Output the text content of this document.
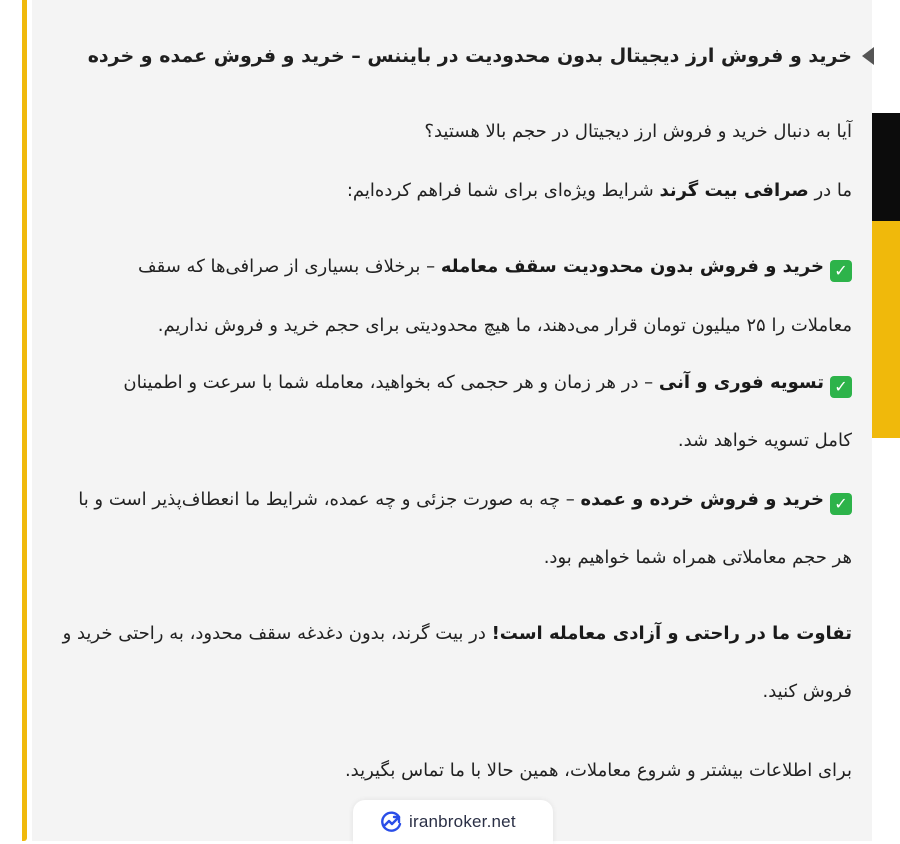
خرید و فروش ارز دیجیتال بدون محدودیت در بایننس – خرید و فروش عمده و خرده

آیا به دنبال خرید و فروش ارز دیجیتال در حجم بالا هستید؟

ما در صرافی بیت گرند شرایط ویژه‌ای برای شما فراهم کرده‌ایم:

✓خرید و فروش بدون محدودیت سقف معامله – برخلاف بسیاری از صرافی‌ها که سقف

معاملات را ۲۵ میلیون تومان قرار می‌دهند، ما هیچ محدودیتی برای حجم خرید و فروش نداریم.

✓تسویه فوری و آنی – در هر زمان و هر حجمی که بخواهید، معامله شما با سرعت و اطمینان

کامل تسویه خواهد شد.

✓خرید و فروش خرده و عمده – چه به صورت جزئی و چه عمده، شرایط ما انعطاف‌پذیر است و با

هر حجم معاملاتی همراه شما خواهیم بود.

تفاوت ما در راحتی و آزادی معامله است! در بیت گرند، بدون دغدغه سقف محدود، به راحتی خرید و

فروش کنید.

برای اطلاعات بیشتر و شروع معاملات، همین حالا با ما تماس بگیرید.

iranbroker.net
